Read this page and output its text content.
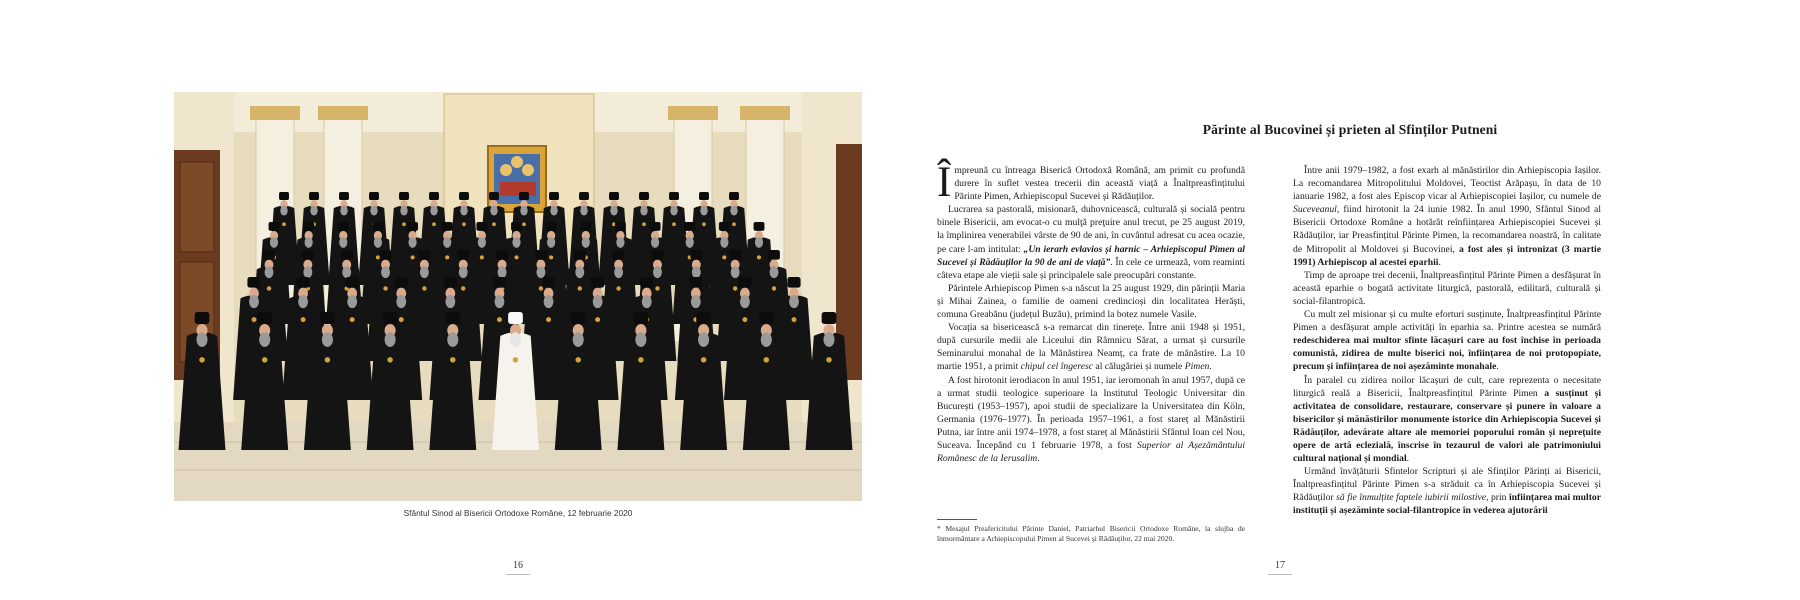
Sfântul Sinod al Bisericii Ortodoxe Române, 12 februarie 2020
16
Părinte al Bucovinei și prieten al Sfinților Putneni

Împreună cu întreaga Biserică Ortodoxă Română, am primit cu profundă durere în suflet vestea trecerii din această viață a Înaltpreasfințitului Părinte Pimen, Arhiepiscopul Sucevei și Rădăuților.

Lucrarea sa pastorală, misionară, duhovnicească, culturală și socială pentru binele Bisericii, am evocat-o cu mulţă preţuire anul trecut, pe 25 august 2019, la împlinirea venerabilei vârste de 90 de ani, în cuvântul adresat cu acea ocazie, pe care l-am intitulat: „Un ierarh evlavios și harnic – Arhiepiscopul Pimen al Sucevei și Rădăuților la 90 de ani de viață”. În cele ce urmează, vom reaminti câteva etape ale vieții sale și principalele sale preocupări constante.

Părintele Arhiepiscop Pimen s-a născut la 25 august 1929, din părinții Maria și Mihai Zainea, o familie de oameni credincioși din localitatea Herăști, comuna Greabănu (județul Buzău), primind la botez numele Vasile.

Vocația sa bisericească s-a remarcat din tinerețe. Între anii 1948 și 1951, după cursurile medii ale Liceului din Râmnicu Sărat, a urmat și cursurile Seminarului monahal de la Mănăstirea Neamț, ca frate de mănăstire. La 10 martie 1951, a primit chipul cel îngeresc al călugăriei și numele Pimen.

A fost hirotonit ierodiacon în anul 1951, iar ieromonah în anul 1957, după ce a urmat studii teologice superioare la Institutul Teologic Universitar din București (1953–1957), apoi studii de specializare la Universitatea din Köln, Germania (1976–1977). În perioada 1957–1961, a fost stareț al Mănăstirii Putna, iar între anii 1974–1978, a fost stareț al Mănăstirii Sfântul Ioan cel Nou, Suceava. Începând cu 1 februarie 1978, a fost Superior al Așezământului Românesc de la Ierusalim.

* Mesajul Preafericitului Părinte Daniel, Patriarhul Bisericii Ortodoxe Române, la slujba de înmormântare a Arhiepiscopului Pimen al Sucevei și Rădăuților, 22 mai 2020.

Între anii 1979–1982, a fost exarh al mănăstirilor din Arhiepiscopia Iașilor. La recomandarea Mitropolitului Moldovei, Teoctist Arăpașu, în data de 10 ianuarie 1982, a fost ales Episcop vicar al Arhiepiscopiei Iașilor, cu numele de Suceveanul, fiind hirotonit la 24 iunie 1982. În anul 1990, Sfântul Sinod al Bisericii Ortodoxe Române a hotărât reînființarea Arhiepiscopiei Sucevei și Rădăuților, iar Preasfințitul Părinte Pimen, la recomandarea noastră, în calitate de Mitropolit al Moldovei și Bucovinei, a fost ales și întronizat (3 martie 1991) Arhiepiscop al acestei eparhii.

Timp de aproape trei decenii, Înaltpreasfințitul Părinte Pimen a desfășurat în această eparhie o bogată activitate liturgică, pastorală, edilitară, culturală și social-filantropică.

Cu mult zel misionar și cu multe eforturi susținute, Înaltpreasfințitul Părinte Pimen a desfășurat ample activități în eparhia sa. Printre acestea se numără redeschiderea mai multor sfinte lăcașuri care au fost închise în perioada comunistă, zidirea de multe biserici noi, înființarea de noi protopopiate, precum și înființarea de noi așezăminte monahale.

În paralel cu zidirea noilor lăcașuri de cult, care reprezenta o necesitate liturgică reală a Bisericii, Înaltpreasfințitul Părinte Pimen a susținut și activitatea de consolidare, restaurare, conservare și punere în valoare a bisericilor și mănăstirilor monumente istorice din Arhiepiscopia Sucevei și Rădăuților, adevărate altare ale memoriei poporului român și neprețuite opere de artă eclezială, înscrise în tezaurul de valori ale patrimoniului cultural național și mondial.

Urmând învățăturii Sfintelor Scripturi și ale Sfinților Părinți ai Bisericii, Înaltpreasfințitul Părinte Pimen s-a străduit ca în Arhiepiscopia Sucevei și Rădăuților să fie înmulțite faptele iubirii milostive, prin înființarea mai multor instituții și așezăminte social-filantropice în vederea ajutorării

17
